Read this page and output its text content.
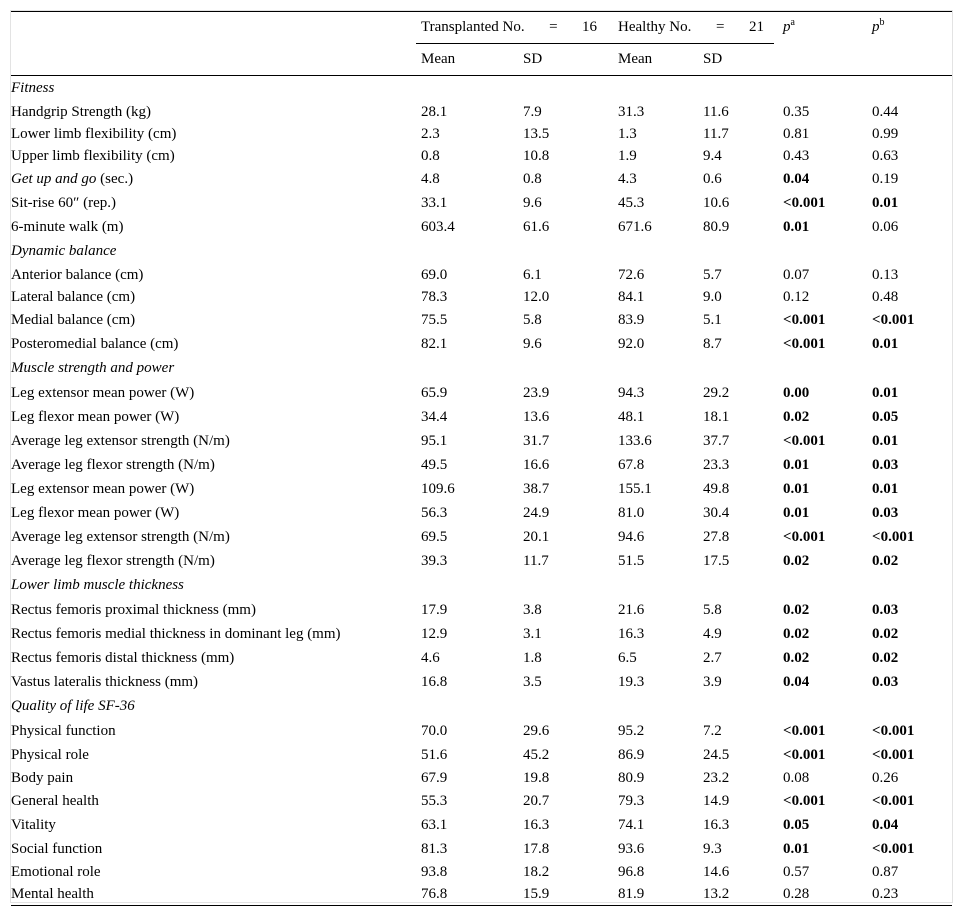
	Transplanted No. = 16		Healthy No. = 21		$p^a$	$p^b$
	Mean	SD	Mean	SD		
Fitness						
Handgrip Strength (kg)	28.1	7.9	31.3	11.6	0.35	0.44
Lower limb flexibility (cm)	2.3	13.5	1.3	11.7	0.81	0.99
Upper limb flexibility (cm)	0.8	10.8	1.9	9.4	0.43	0.63
Get up and go (sec.)	4.8	0.8	4.3	0.6	0.04	0.19
Sit-rise 60″ (rep.)	33.1	9.6	45.3	10.6	<0.001	0.01
6-minute walk (m)	603.4	61.6	671.6	80.9	0.01	0.06
Dynamic balance						
Anterior balance (cm)	69.0	6.1	72.6	5.7	0.07	0.13
Lateral balance (cm)	78.3	12.0	84.1	9.0	0.12	0.48
Medial balance (cm)	75.5	5.8	83.9	5.1	<0.001	<0.001
Posteromedial balance (cm)	82.1	9.6	92.0	8.7	<0.001	0.01
Muscle strength and power						
Leg extensor mean power (W)	65.9	23.9	94.3	29.2	0.00	0.01
Leg flexor mean power (W)	34.4	13.6	48.1	18.1	0.02	0.05
Average leg extensor strength (N/m)	95.1	31.7	133.6	37.7	<0.001	0.01
Average leg flexor strength (N/m)	49.5	16.6	67.8	23.3	0.01	0.03
Leg extensor mean power (W)	109.6	38.7	155.1	49.8	0.01	0.01
Leg flexor mean power (W)	56.3	24.9	81.0	30.4	0.01	0.03
Average leg extensor strength (N/m)	69.5	20.1	94.6	27.8	<0.001	<0.001
Average leg flexor strength (N/m)	39.3	11.7	51.5	17.5	0.02	0.02
Lower limb muscle thickness						
Rectus femoris proximal thickness (mm)	17.9	3.8	21.6	5.8	0.02	0.03
Rectus femoris medial thickness in dominant leg (mm)	12.9	3.1	16.3	4.9	0.02	0.02
Rectus femoris distal thickness (mm)	4.6	1.8	6.5	2.7	0.02	0.02
Vastus lateralis thickness (mm)	16.8	3.5	19.3	3.9	0.04	0.03
Quality of life SF-36						
Physical function	70.0	29.6	95.2	7.2	<0.001	<0.001
Physical role	51.6	45.2	86.9	24.5	<0.001	<0.001
Body pain	67.9	19.8	80.9	23.2	0.08	0.26
General health	55.3	20.7	79.3	14.9	<0.001	<0.001
Vitality	63.1	16.3	74.1	16.3	0.05	0.04
Social function	81.3	17.8	93.6	9.3	0.01	<0.001
Emotional role	93.8	18.2	96.8	14.6	0.57	0.87
Mental health	76.8	15.9	81.9	13.2	0.28	0.23
